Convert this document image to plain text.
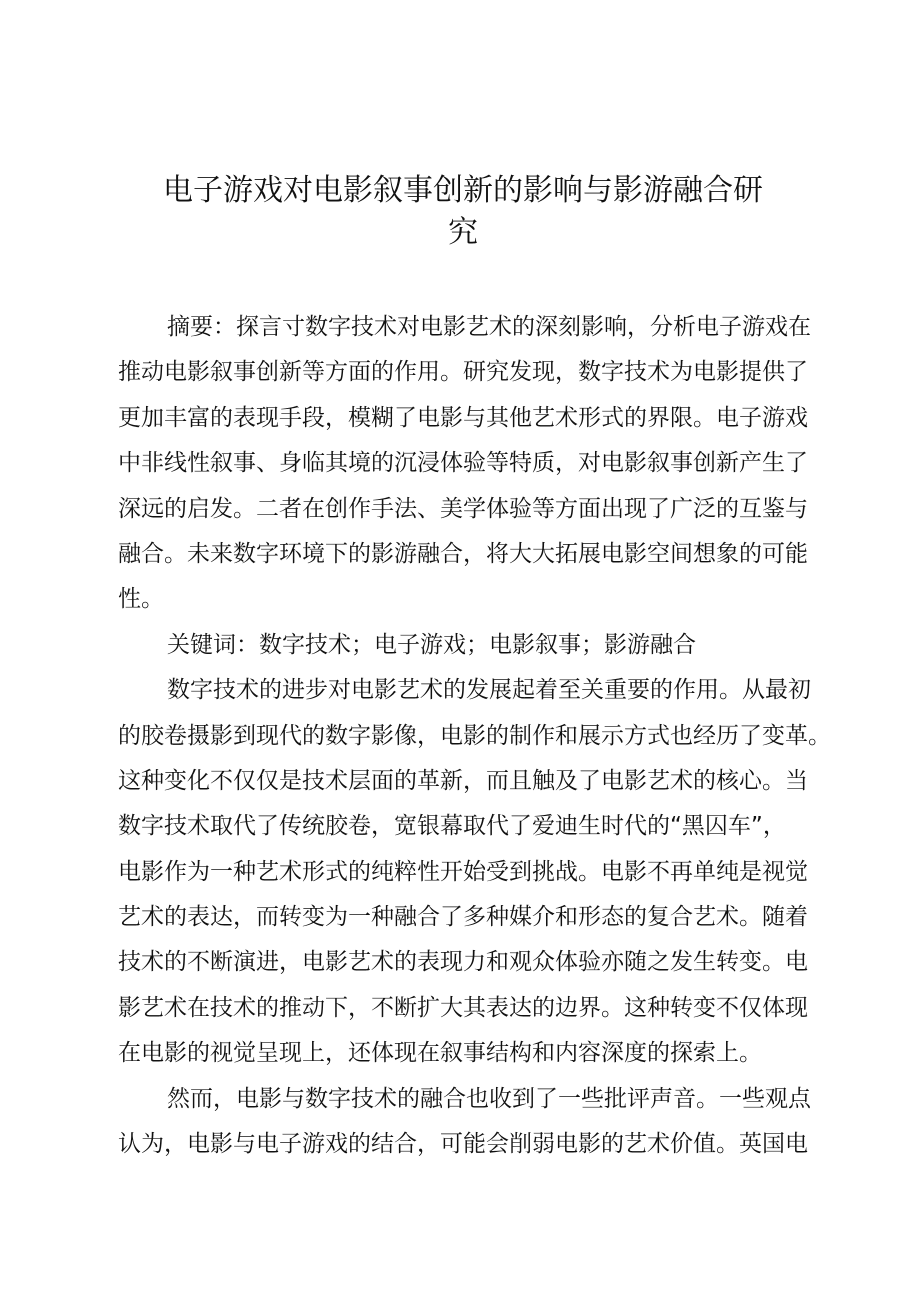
电子游戏对电影叙事创新的影响与影游融合研
究
摘要：探言寸数字技术对电影艺术的深刻影响，分析电子游戏在
推动电影叙事创新等方面的作用。研究发现，数字技术为电影提供了
更加丰富的表现手段，模糊了电影与其他艺术形式的界限。电子游戏
中非线性叙事、身临其境的沉浸体验等特质，对电影叙事创新产生了
深远的启发。二者在创作手法、美学体验等方面出现了广泛的互鉴与
融合。未来数字环境下的影游融合，将大大拓展电影空间想象的可能
性。
关键词：数字技术；电子游戏；电影叙事；影游融合
数字技术的进步对电影艺术的发展起着至关重要的作用。从最初
的胶卷摄影到现代的数字影像，电影的制作和展示方式也经历了变革。
这种变化不仅仅是技术层面的革新，而且触及了电影艺术的核心。当
数字技术取代了传统胶卷，宽银幕取代了爱迪生时代的“黑囚车”，
电影作为一种艺术形式的纯粹性开始受到挑战。电影不再单纯是视觉
艺术的表达，而转变为一种融合了多种媒介和形态的复合艺术。随着
技术的不断演进，电影艺术的表现力和观众体验亦随之发生转变。电
影艺术在技术的推动下，不断扩大其表达的边界。这种转变不仅体现
在电影的视觉呈现上，还体现在叙事结构和内容深度的探索上。
然而，电影与数字技术的融合也收到了一些批评声音。一些观点
认为，电影与电子游戏的结合，可能会削弱电影的艺术价值。英国电
